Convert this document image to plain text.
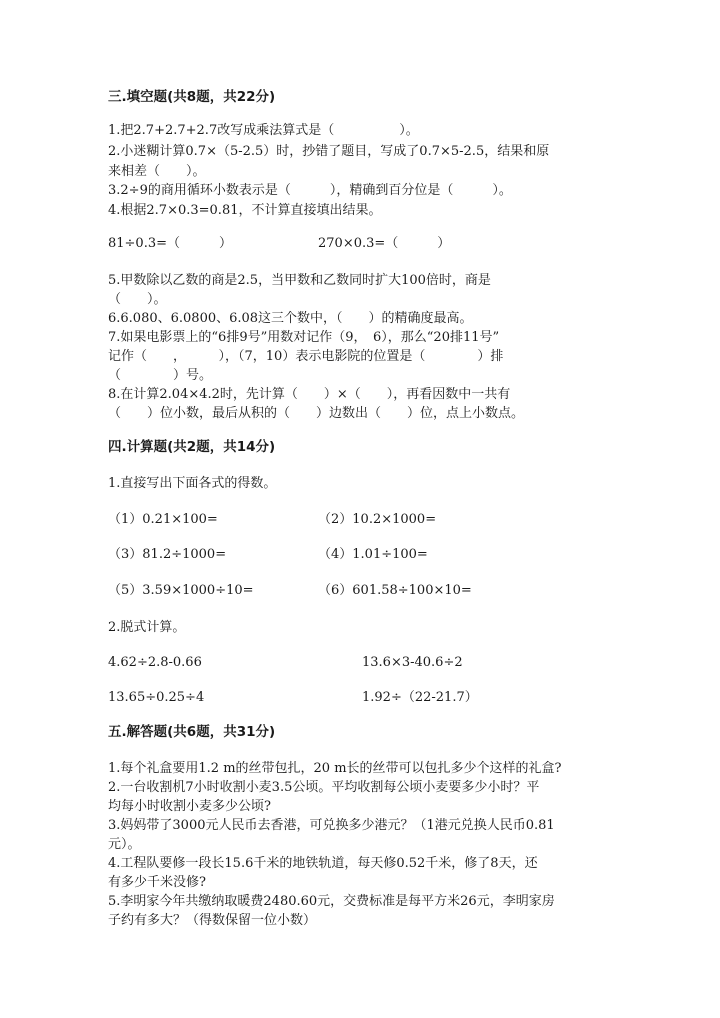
三.填空题(共8题，共22分)
1.把2.7+2.7+2.7改写成乘法算式是（　　　　　）。
2.小迷糊计算0.7×（5-2.5）时，抄错了题目，写成了0.7×5-2.5，结果和原
来相差（　　）。
3.2÷9的商用循环小数表示是（　　　），精确到百分位是（　　　）。
4.根据2.7×0.3=0.81，不计算直接填出结果。
81÷0.3=（　　　）	270×0.3=（　　　）
5.甲数除以乙数的商是2.5，当甲数和乙数同时扩大100倍时，商是
（　　）。
6.6.080、6.0800、6.08这三个数中，（　　）的精确度最高。
7.如果电影票上的“6排9号”用数对记作（9，　6），那么“20排11号”
记作（　　，　　　），（7，10）表示电影院的位置是（　　　　）排
（　　　　）号。
8.在计算2.04×4.2时，先计算（　　）×（　　），再看因数中一共有
（　　）位小数，最后从积的（　　）边数出（　　）位，点上小数点。
四.计算题(共2题，共14分)
1.直接写出下面各式的得数。
（1）0.21×100=	（2）10.2×1000=
（3）81.2÷1000=	（4）1.01÷100=
（5）3.59×1000÷10=	（6）601.58÷100×10=
2.脱式计算。
4.62÷2.8-0.66	13.6×3-40.6÷2
13.65÷0.25÷4	1.92÷（22-21.7）
五.解答题(共6题，共31分)
1.每个礼盒要用1.2 m的丝带包扎，20 m长的丝带可以包扎多少个这样的礼盒?
2.一台收割机7小时收割小麦3.5公顷。平均收割每公顷小麦要多少小时？平
均每小时收割小麦多少公顷?
3.妈妈带了3000元人民币去香港，可兑换多少港元？（1港元兑换人民币0.81
元）。
4.工程队要修一段长15.6千米的地铁轨道，每天修0.52千米，修了8天，还
有多少千米没修?
5.李明家今年共缴纳取暖费2480.60元，交费标准是每平方米26元，李明家房
子约有多大？（得数保留一位小数）
